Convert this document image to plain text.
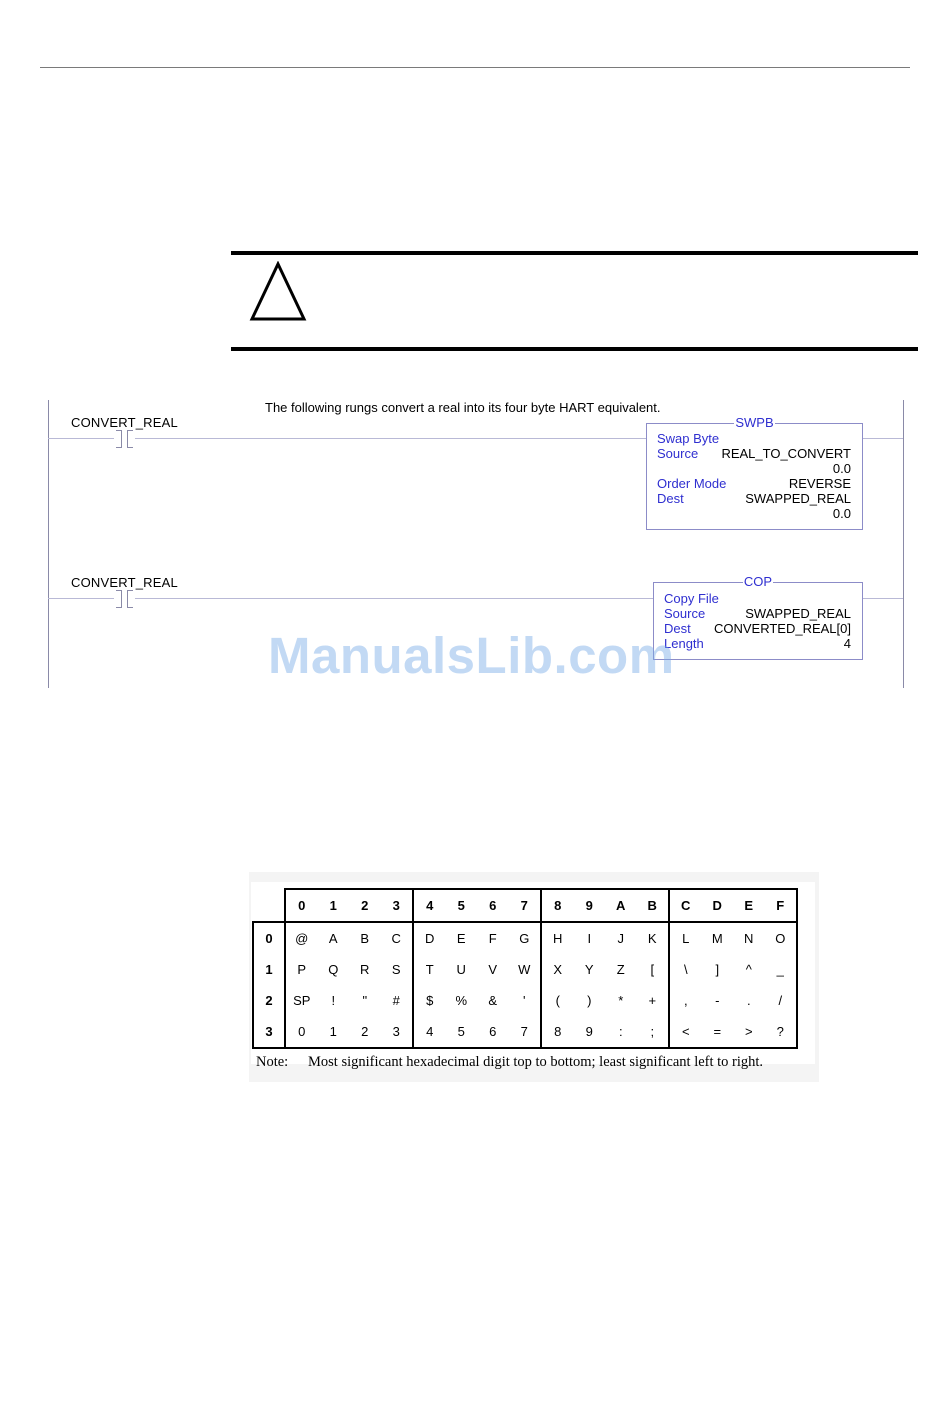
The following rungs convert a real into its four byte HART equivalent.
CONVERT_REAL	SWPB
Swap Byte
Source REAL_TO_CONVERT
0.0
Order Mode	REVERSE
Dest	SWAPPED_REAL
0.0
CONVERT_REAL	COP
Copy File
Source	SWAPPED_REAL
Dest CONVERTED_REAL[0]
Length	4
ManualsLib.com
	0	1	2	3	4	5	6	7	8	9	A	B	C	D	E	F
0	@	A	B	C	D	E	F	G	H	I	J	K	L	M	N	O
1	P	Q	R	S	T	U	V	W	X	Y	Z	[	\	]	^	_
2	SP	!	"	#	$	%	&	'	(	)	*	+	,	-	.	/
3	0	1	2	3	4	5	6	7	8	9	:	;	<	=	>	?
Note: Most significant hexadecimal digit top to bottom; least significant left to right.
